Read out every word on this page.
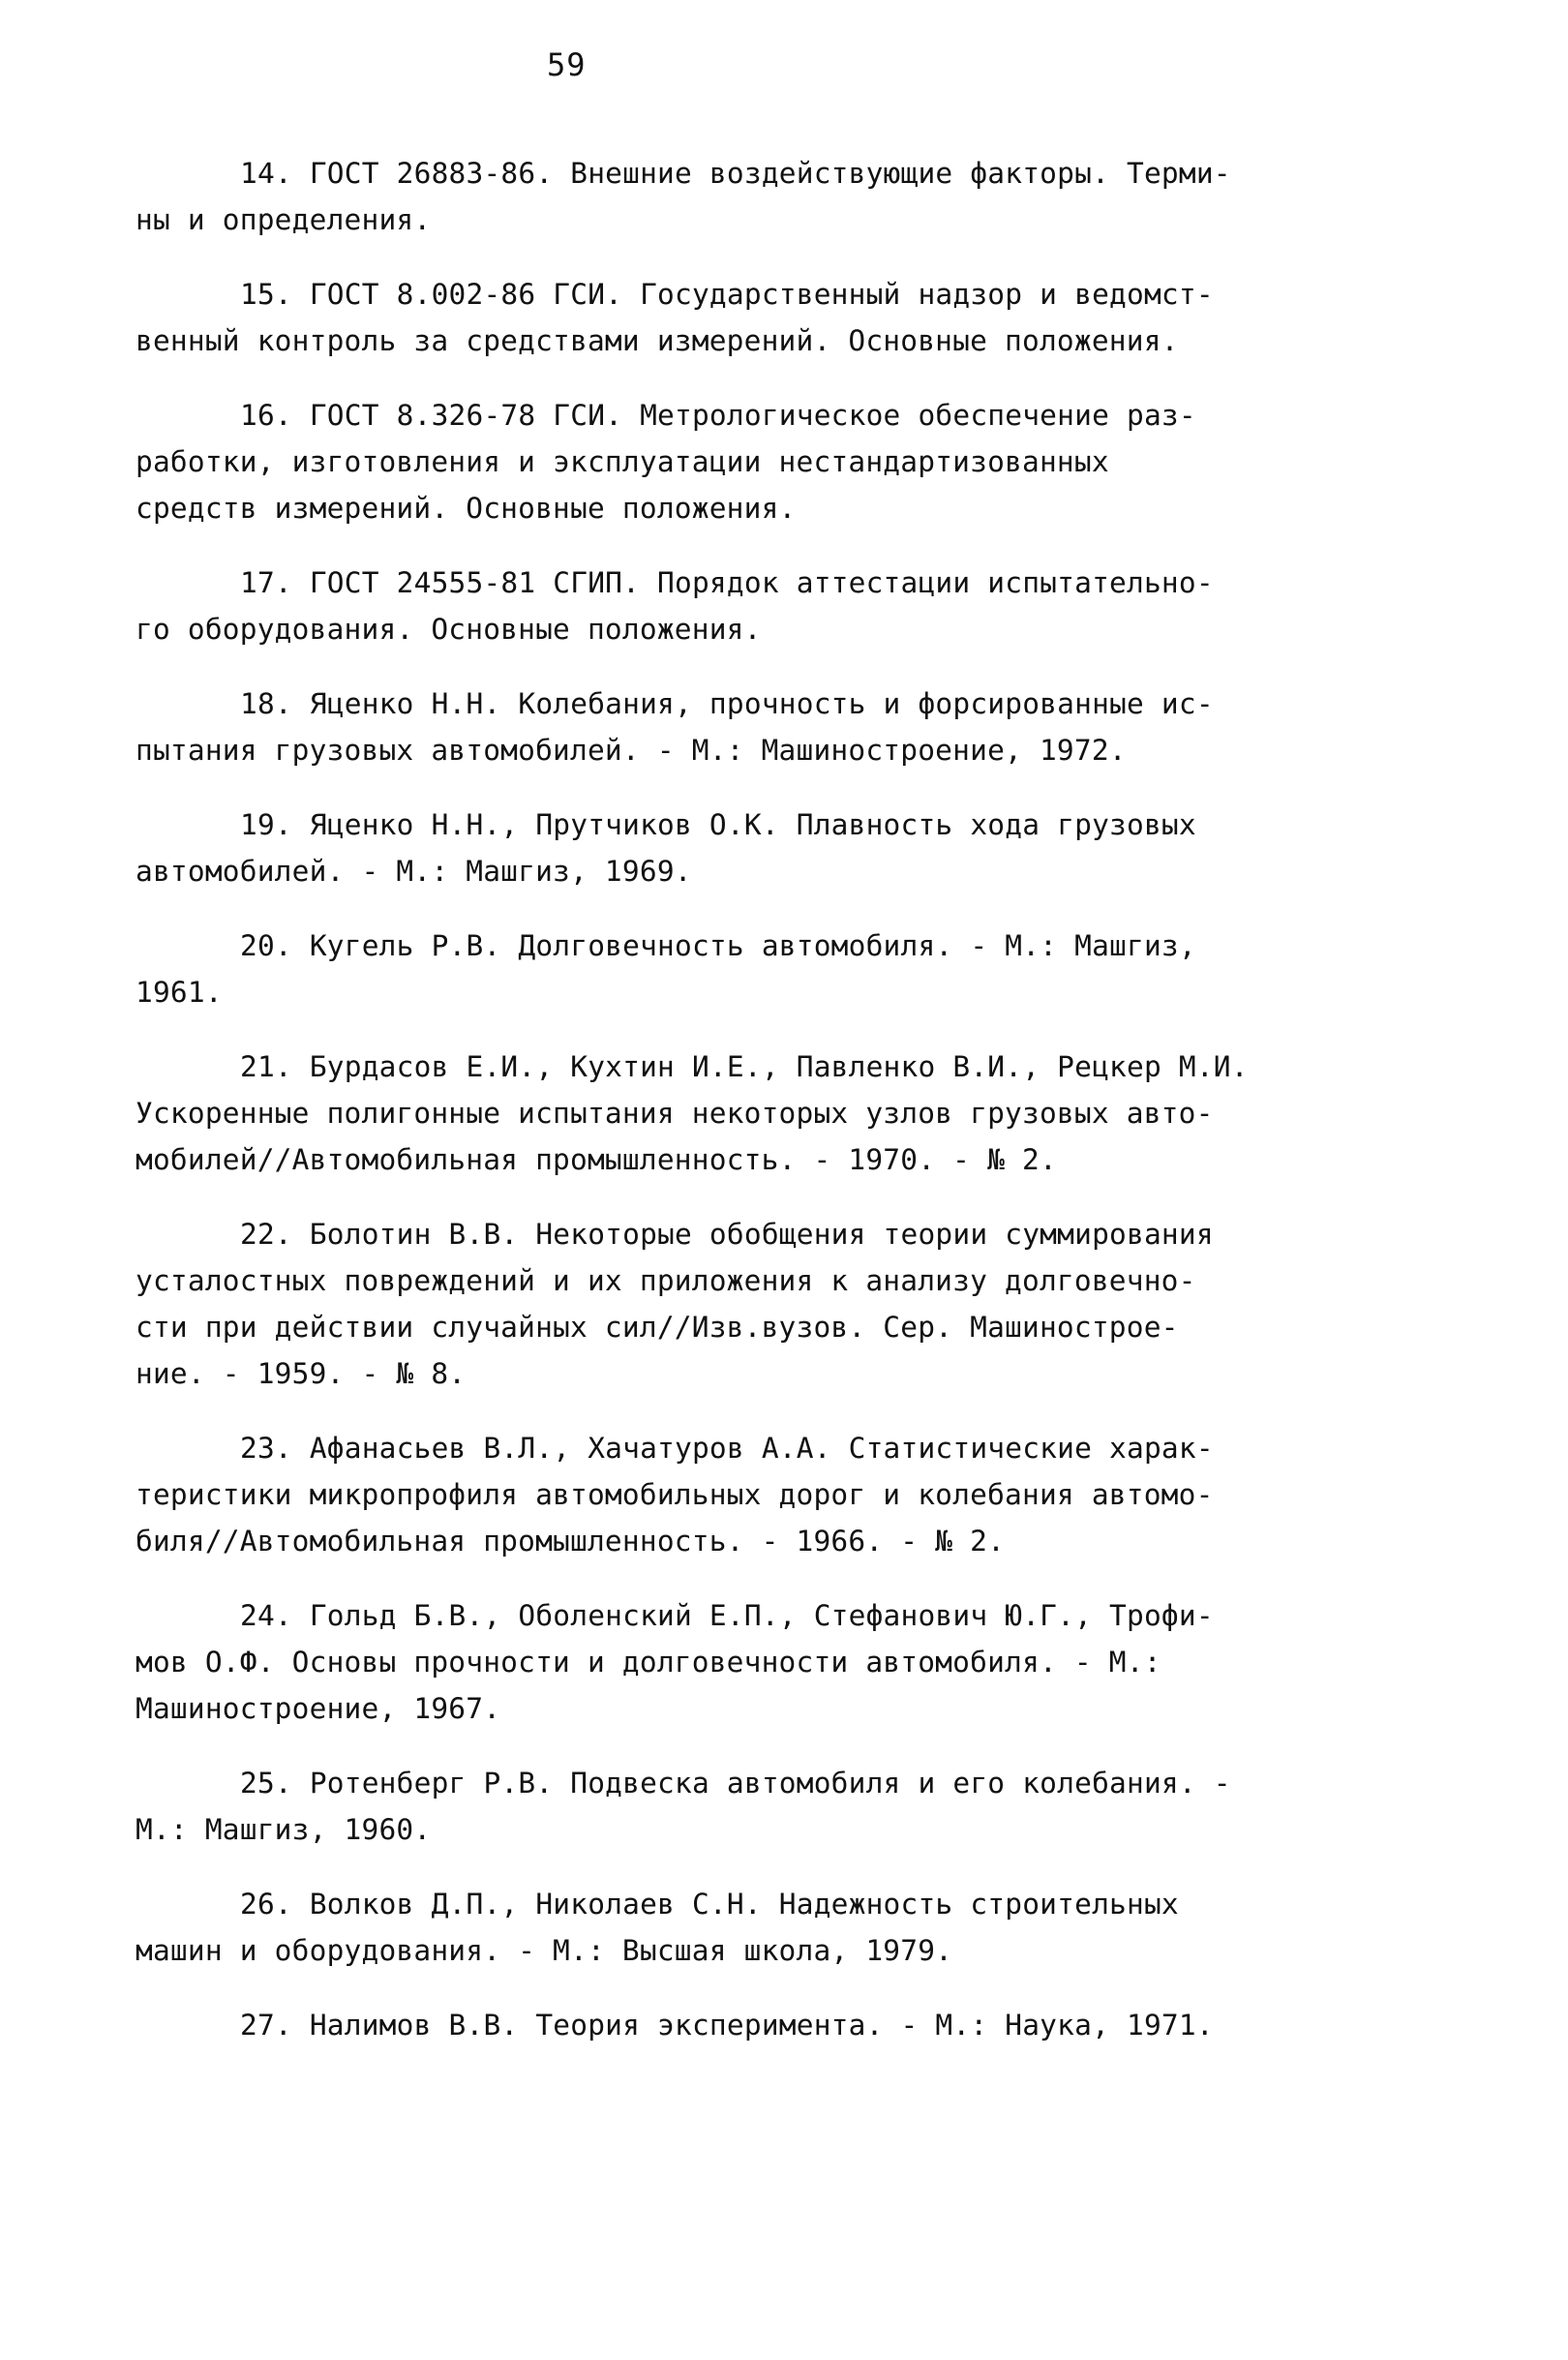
59
14. ГОСТ 26883-86. Внешние воздействующие факторы. Терми-
ны и определения.
15. ГОСТ 8.002-86 ГСИ. Государственный надзор и ведомст-
венный контроль за средствами измерений. Основные положения.
16. ГОСТ 8.326-78 ГСИ. Метрологическое обеспечение раз-
работки, изготовления и эксплуатации нестандартизованных
средств измерений. Основные положения.
17. ГОСТ 24555-81 СГИП. Порядок аттестации испытательно-
го оборудования. Основные положения.
18. Яценко Н.Н. Колебания, прочность и форсированные ис-
пытания грузовых автомобилей. - М.: Машиностроение, 1972.
19. Яценко Н.Н., Прутчиков О.К. Плавность хода грузовых
автомобилей. - М.: Машгиз, 1969.
20. Кугель Р.В. Долговечность автомобиля. - М.: Машгиз,
1961.
21. Бурдасов Е.И., Кухтин И.Е., Павленко В.И., Рецкер М.И.
Ускоренные полигонные испытания некоторых узлов грузовых авто-
мобилей//Автомобильная промышленность. - 1970. - № 2.
22. Болотин В.В. Некоторые обобщения теории суммирования
усталостных повреждений и их приложения к анализу долговечно-
сти при действии случайных сил//Изв.вузов. Сер. Машинострое-
ние. - 1959. - № 8.
23. Афанасьев В.Л., Хачатуров А.А. Статистические харак-
теристики микропрофиля автомобильных дорог и колебания автомо-
биля//Автомобильная промышленность. - 1966. - № 2.
24. Гольд Б.В., Оболенский Е.П., Стефанович Ю.Г., Трофи-
мов О.Ф. Основы прочности и долговечности автомобиля. - М.:
Машиностроение, 1967.
25. Ротенберг Р.В. Подвеска автомобиля и его колебания. -
М.: Машгиз, 1960.
26. Волков Д.П., Николаев С.Н. Надежность строительных
машин и оборудования. - М.: Высшая школа, 1979.
27. Налимов В.В. Теория эксперимента. - М.: Наука, 1971.
